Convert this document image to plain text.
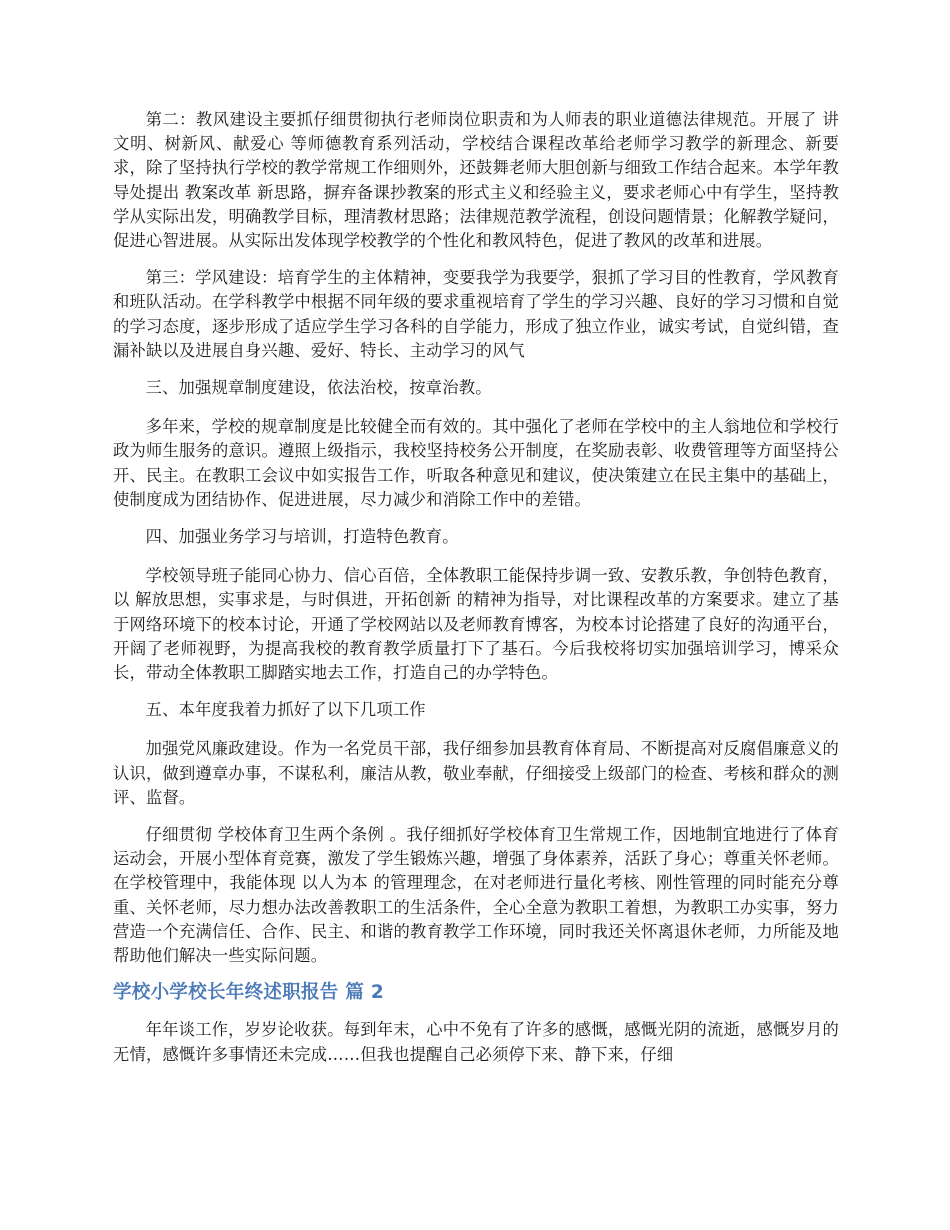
第二：教风建设主要抓仔细贯彻执行老师岗位职责和为人师表的职业道德法律规范。开展了 讲文明、树新风、献爱心 等师德教育系列活动，学校结合课程改革给老师学习教学的新理念、新要求，除了坚持执行学校的教学常规工作细则外，还鼓舞老师大胆创新与细致工作结合起来。本学年教导处提出 教案改革 新思路，摒弃备课抄教案的形式主义和经验主义，要求老师心中有学生，坚持教学从实际出发，明确教学目标，理清教材思路；法律规范教学流程，创设问题情景；化解教学疑问，促进心智进展。从实际出发体现学校教学的个性化和教风特色，促进了教风的改革和进展。

第三：学风建设：培育学生的主体精神，变要我学为我要学，狠抓了学习目的性教育，学风教育和班队活动。在学科教学中根据不同年级的要求重视培育了学生的学习兴趣、良好的学习习惯和自觉的学习态度，逐步形成了适应学生学习各科的自学能力，形成了独立作业，诚实考试，自觉纠错，查漏补缺以及进展自身兴趣、爱好、特长、主动学习的风气

三、加强规章制度建设，依法治校，按章治教。

多年来，学校的规章制度是比较健全而有效的。其中强化了老师在学校中的主人翁地位和学校行政为师生服务的意识。遵照上级指示，我校坚持校务公开制度，在奖励表彰、收费管理等方面坚持公开、民主。在教职工会议中如实报告工作，听取各种意见和建议，使决策建立在民主集中的基础上，使制度成为团结协作、促进进展，尽力减少和消除工作中的差错。

四、加强业务学习与培训，打造特色教育。

学校领导班子能同心协力、信心百倍，全体教职工能保持步调一致、安教乐教，争创特色教育，以 解放思想，实事求是，与时俱进，开拓创新 的精神为指导，对比课程改革的方案要求。建立了基于网络环境下的校本讨论，开通了学校网站以及老师教育博客，为校本讨论搭建了良好的沟通平台，开阔了老师视野，为提高我校的教育教学质量打下了基石。今后我校将切实加强培训学习，博采众长，带动全体教职工脚踏实地去工作，打造自己的办学特色。

五、本年度我着力抓好了以下几项工作

加强党风廉政建设。作为一名党员干部，我仔细参加县教育体育局、不断提高对反腐倡廉意义的认识，做到遵章办事，不谋私利，廉洁从教，敬业奉献，仔细接受上级部门的检查、考核和群众的测评、监督。

仔细贯彻 学校体育卫生两个条例 。我仔细抓好学校体育卫生常规工作，因地制宜地进行了体育运动会，开展小型体育竞赛，激发了学生锻炼兴趣，增强了身体素养，活跃了身心；尊重关怀老师。在学校管理中，我能体现 以人为本 的管理理念，在对老师进行量化考核、刚性管理的同时能充分尊重、关怀老师，尽力想办法改善教职工的生活条件，全心全意为教职工着想，为教职工办实事，努力营造一个充满信任、合作、民主、和谐的教育教学工作环境，同时我还关怀离退休老师，力所能及地帮助他们解决一些实际问题。

学校小学校长年终述职报告 篇 2

年年谈工作，岁岁论收获。每到年末，心中不免有了许多的感慨，感慨光阴的流逝，感慨岁月的无情，感慨许多事情还未完成……但我也提醒自己必须停下来、静下来，仔细
